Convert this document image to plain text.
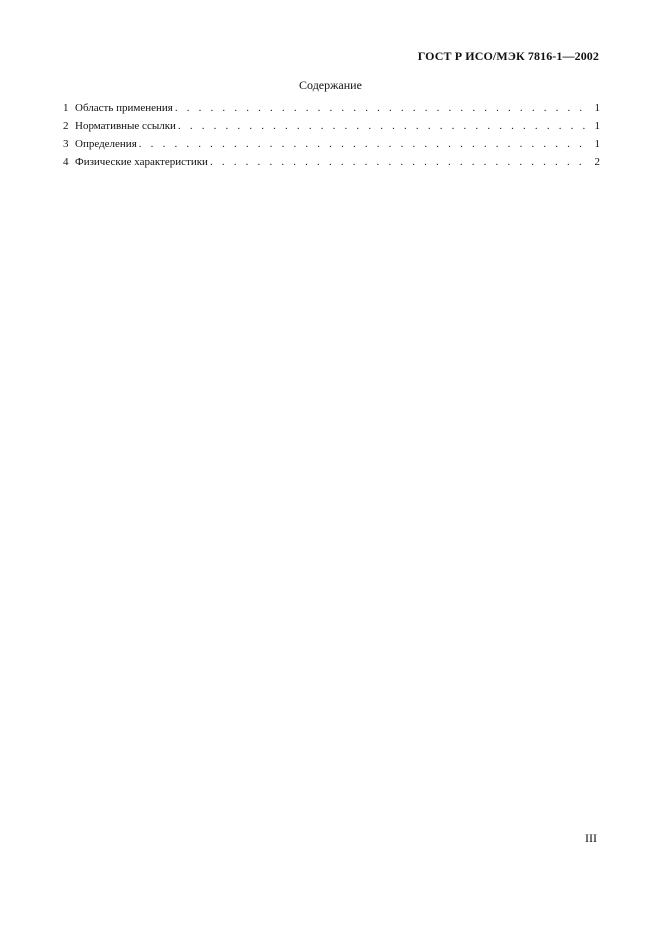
ГОСТ Р ИСО/МЭК 7816-1—2002
Содержание
1 Область применения . . .	1
2 Нормативные ссылки . . .	1
3 Определения . . .	1
4 Физические характеристики . . .	2
III
